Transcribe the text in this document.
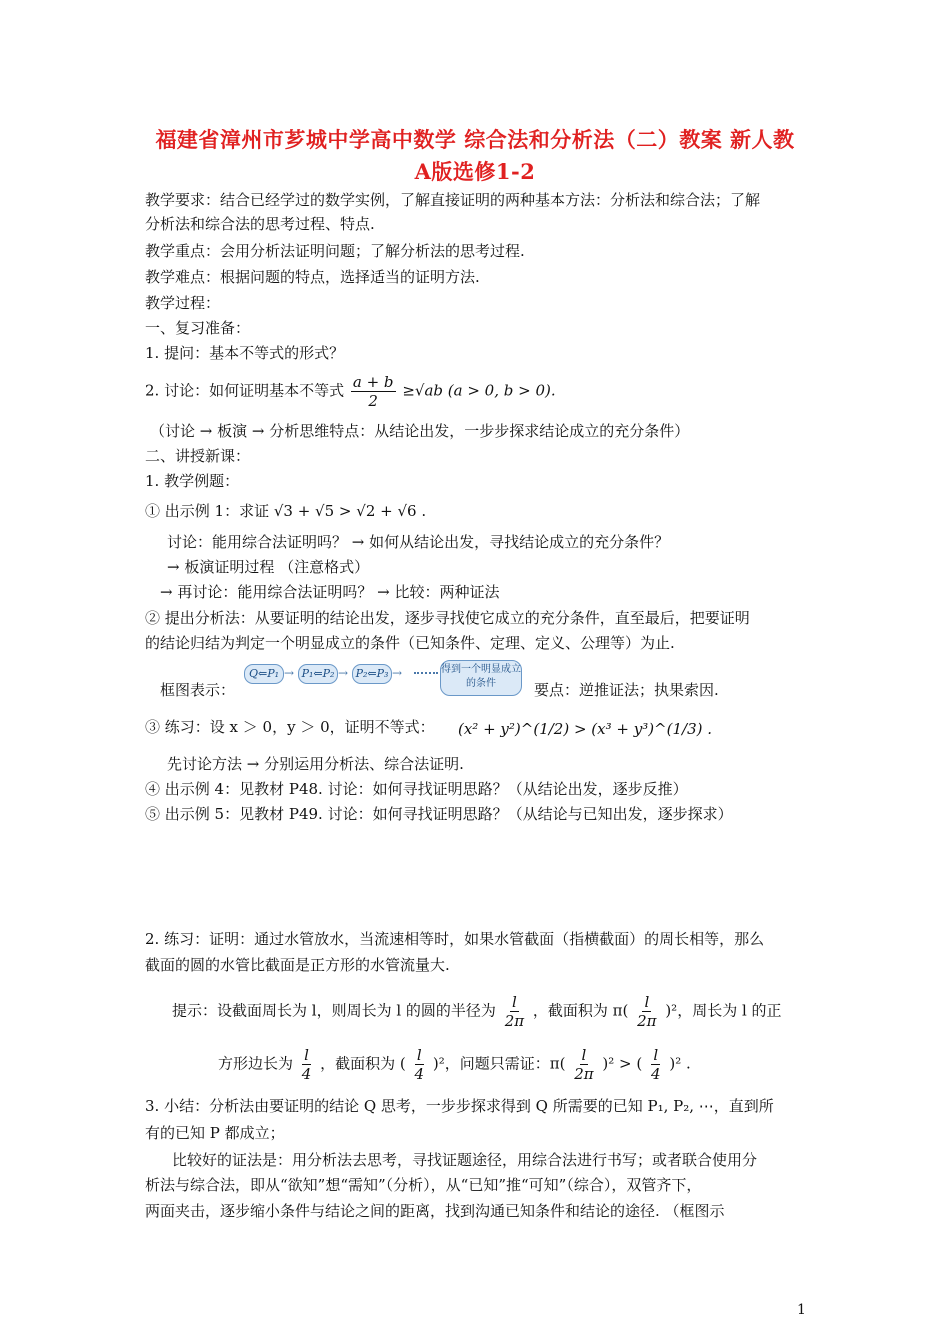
福建省漳州市芗城中学高中数学 综合法和分析法（二）教案 新人教
A版选修1-2
教学要求：结合已经学过的数学实例，了解直接证明的两种基本方法：分析法和综合法；了解
分析法和综合法的思考过程、特点.
教学重点：会用分析法证明问题；了解分析法的思考过程.
教学难点：根据问题的特点，选择适当的证明方法.
教学过程：
一、复习准备：
1. 提问：基本不等式的形式？
2. 讨论：如何证明基本不等式 $\frac{a + b}{2} \ge√ab$ (a > 0, b > 0).
（讨论 → 板演 → 分析思维特点：从结论出发，一步步探求结论成立的充分条件）
二、讲授新课：
1. 教学例题：
① 出示例 1：求证 √3 + √5 > √2 + √6 .
讨论：能用综合法证明吗？ → 如何从结论出发，寻找结论成立的充分条件？
→ 板演证明过程 （注意格式）
→ 再讨论：能用综合法证明吗？ → 比较：两种证法
② 提出分析法：从要证明的结论出发，逐步寻找使它成立的充分条件，直至最后，把要证明
的结论归结为判定一个明显成立的条件（已知条件、定理、定义、公理等）为止.
框图表示：
Q⇐P₁ → P₁⇐P₂ → P₂⇐P₃ →	得到一个明显成立的条件	要点：逆推证法；执果索因.
③ 练习：设 x ＞ 0，y ＞ 0，证明不等式： (x² + y²)^(1/2) > (x³ + y³)^(1/3) .
先讨论方法 → 分别运用分析法、综合法证明.
④ 出示例 4：见教材 P48. 讨论：如何寻找证明思路？（从结论出发，逐步反推）
⑤ 出示例 5：见教材 P49. 讨论：如何寻找证明思路？（从结论与已知出发，逐步探求）
2. 练习：证明：通过水管放水，当流速相等时，如果水管截面（指横截面）的周长相等，那么
截面的圆的水管比截面是正方形的水管流量大.
提示：设截面周长为 l，则周长为 l 的圆的半径为 $\frac{l}{2\pi}$ ，截面积为 $\pi( \frac{l}{2\pi} )^2$，周长为 l 的正
方形边长为 $\frac{l}{4}$ ，截面积为 ( $\frac{l}{4} )^2$，问题只需证：$\pi( \frac{l}{2\pi} )^2$ > ( $\frac{l}{4} )^2$ .
3. 小结：分析法由要证明的结论 Q 思考，一步步探求得到 Q 所需要的已知 P₁, P₂, ⋯，直到所
有的已知 P 都成立；
比较好的证法是：用分析法去思考，寻找证题途径，用综合法进行书写；或者联合使用分
析法与综合法，即从“欲知”想“需知”（分析），从“已知”推“可知”（综合），双管齐下，
两面夹击，逐步缩小条件与结论之间的距离，找到沟通已知条件和结论的途径. （框图示
1
